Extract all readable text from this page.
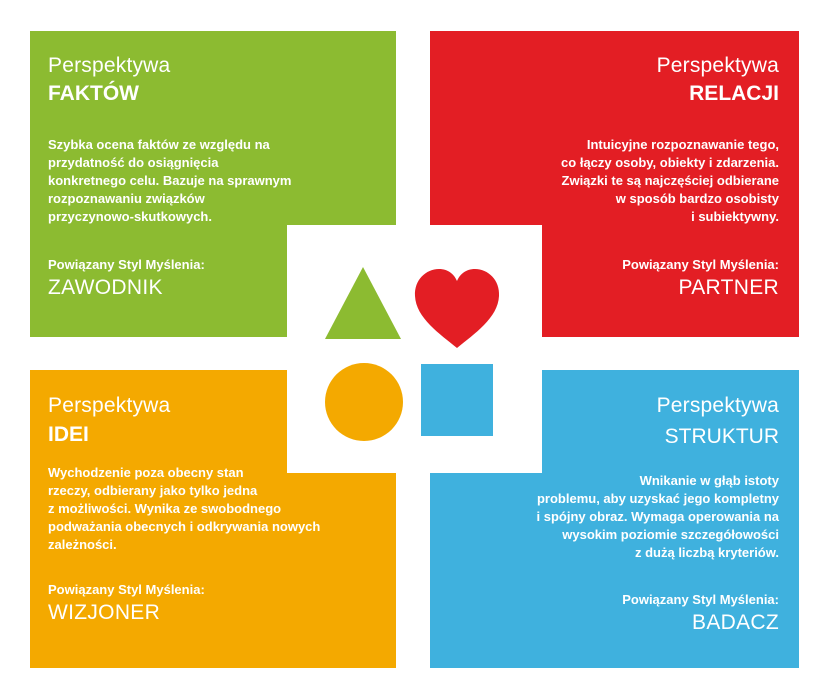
Perspektywa
FAKTÓW
Szybka ocena faktów ze względu na
przydatność do osiągnięcia
konkretnego celu. Bazuje na sprawnym
rozpoznawaniu związków
przyczynowo-skutkowych.
Powiązany Styl Myślenia:
ZAWODNIK
Perspektywa
RELACJI
Intuicyjne rozpoznawanie tego,
co łączy osoby, obiekty i zdarzenia.
Związki te są najczęściej odbierane
w sposób bardzo osobisty
i subiektywny.
Powiązany Styl Myślenia:
PARTNER
Perspektywa
IDEI
Wychodzenie poza obecny stan
rzeczy, odbierany jako tylko jedna
z możliwości. Wynika ze swobodnego
podważania obecnych i odkrywania nowych
zależności.
Powiązany Styl Myślenia:
WIZJONER
Perspektywa
STRUKTUR
Wnikanie w głąb istoty
problemu, aby uzyskać jego kompletny
i spójny obraz. Wymaga operowania na
wysokim poziomie szczegółowości
z dużą liczbą kryteriów.
Powiązany Styl Myślenia:
BADACZ
